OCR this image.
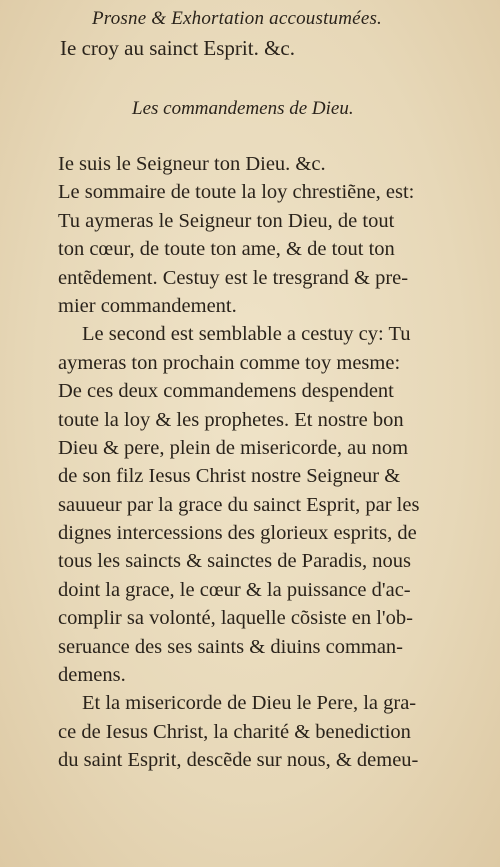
Prosne & Exhortation accoustumées.
Ie croy au sainct Esprit. &c.
Les commandemens de Dieu.
Ie suis le Seigneur ton Dieu. &c.
Le sommaire de toute la loy chrestiẽne, est:
Tu aymeras le Seigneur ton Dieu, de tout
ton cœur, de toute ton ame, & de tout ton
entẽdement. Cestuy est le tresgrand & pre-
mier commandement.
Le second est semblable a cestuy cy: Tu
aymeras ton prochain comme toy mesme:
De ces deux commandemens despendent
toute la loy & les prophetes. Et nostre bon
Dieu & pere, plein de misericorde, au nom
de son filz Iesus Christ nostre Seigneur &
sauueur par la grace du sainct Esprit, par les
dignes intercessions des glorieux esprits, de
tous les saincts & sainctes de Paradis, nous
doint la grace, le cœur & la puissance d'ac-
complir sa volonté, laquelle cõsiste en l'ob-
seruance des ses saints & diuins comman-
demens.
Et la misericorde de Dieu le Pere, la gra-
ce de Iesus Christ, la charité & benediction
du saint Esprit, descẽde sur nous, & demeu-
